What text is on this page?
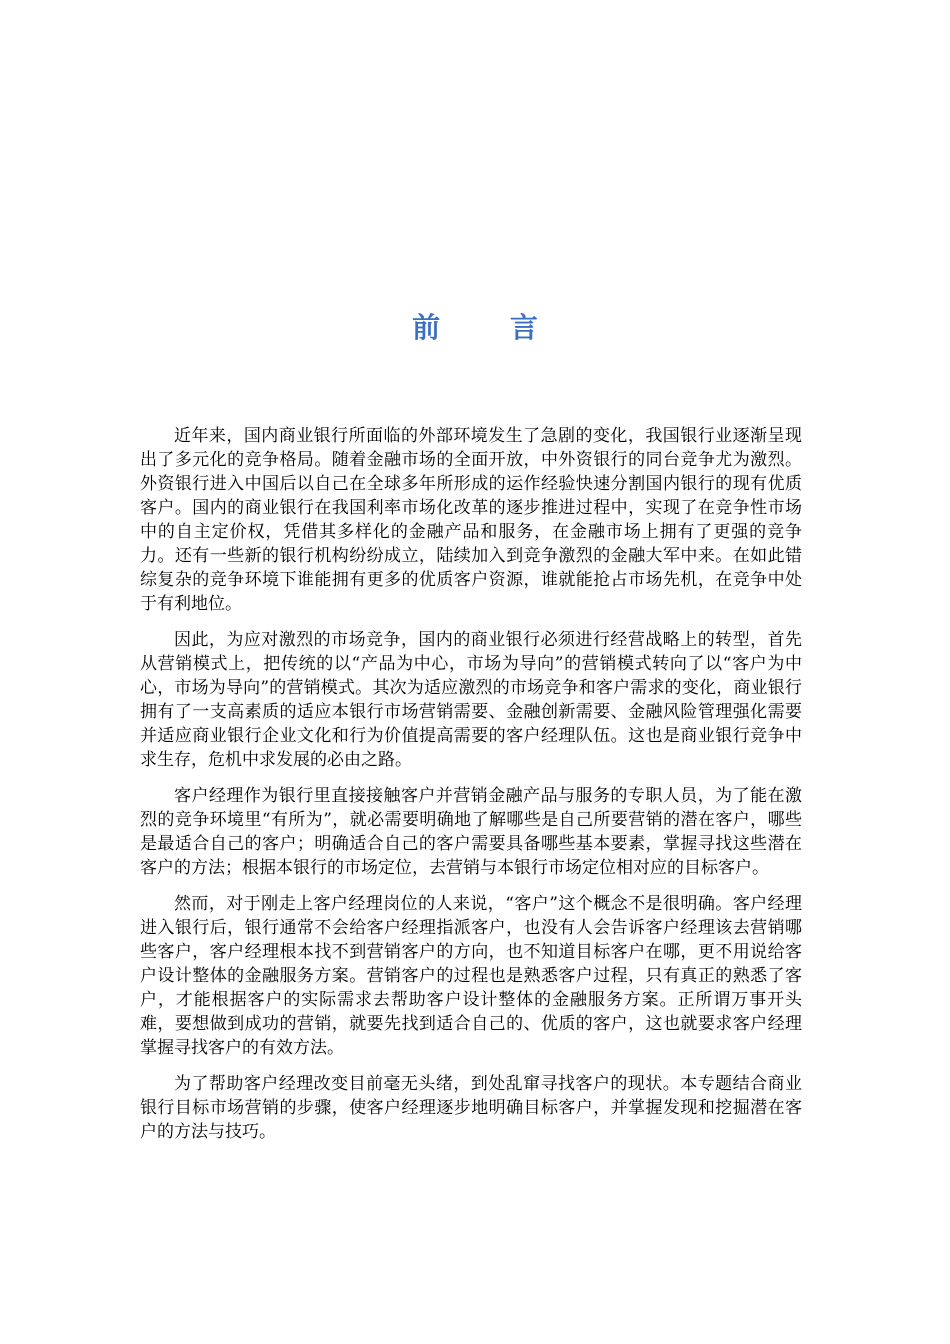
前 言

近年来，国内商业银行所面临的外部环境发生了急剧的变化，我国银行业逐渐呈现出了多元化的竞争格局。随着金融市场的全面开放，中外资银行的同台竞争尤为激烈。外资银行进入中国后以自己在全球多年所形成的运作经验快速分割国内银行的现有优质客户。国内的商业银行在我国利率市场化改革的逐步推进过程中，实现了在竞争性市场中的自主定价权，凭借其多样化的金融产品和服务，在金融市场上拥有了更强的竞争力。还有一些新的银行机构纷纷成立，陆续加入到竞争激烈的金融大军中来。在如此错综复杂的竞争环境下谁能拥有更多的优质客户资源，谁就能抢占市场先机，在竞争中处于有利地位。

因此，为应对激烈的市场竞争，国内的商业银行必须进行经营战略上的转型，首先从营销模式上，把传统的以“产品为中心，市场为导向”的营销模式转向了以“客户为中心，市场为导向”的营销模式。其次为适应激烈的市场竞争和客户需求的变化，商业银行拥有了一支高素质的适应本银行市场营销需要、金融创新需要、金融风险管理强化需要并适应商业银行企业文化和行为价值提高需要的客户经理队伍。这也是商业银行竞争中求生存，危机中求发展的必由之路。

客户经理作为银行里直接接触客户并营销金融产品与服务的专职人员，为了能在激烈的竞争环境里“有所为”，就必需要明确地了解哪些是自己所要营销的潜在客户，哪些是最适合自己的客户；明确适合自己的客户需要具备哪些基本要素，掌握寻找这些潜在客户的方法；根据本银行的市场定位，去营销与本银行市场定位相对应的目标客户。

然而，对于刚走上客户经理岗位的人来说，“客户”这个概念不是很明确。客户经理进入银行后，银行通常不会给客户经理指派客户，也没有人会告诉客户经理该去营销哪些客户，客户经理根本找不到营销客户的方向，也不知道目标客户在哪，更不用说给客户设计整体的金融服务方案。营销客户的过程也是熟悉客户过程，只有真正的熟悉了客户，才能根据客户的实际需求去帮助客户设计整体的金融服务方案。正所谓万事开头难，要想做到成功的营销，就要先找到适合自己的、优质的客户，这也就要求客户经理掌握寻找客户的有效方法。

为了帮助客户经理改变目前毫无头绪，到处乱窜寻找客户的现状。本专题结合商业银行目标市场营销的步骤，使客户经理逐步地明确目标客户，并掌握发现和挖掘潜在客户的方法与技巧。
